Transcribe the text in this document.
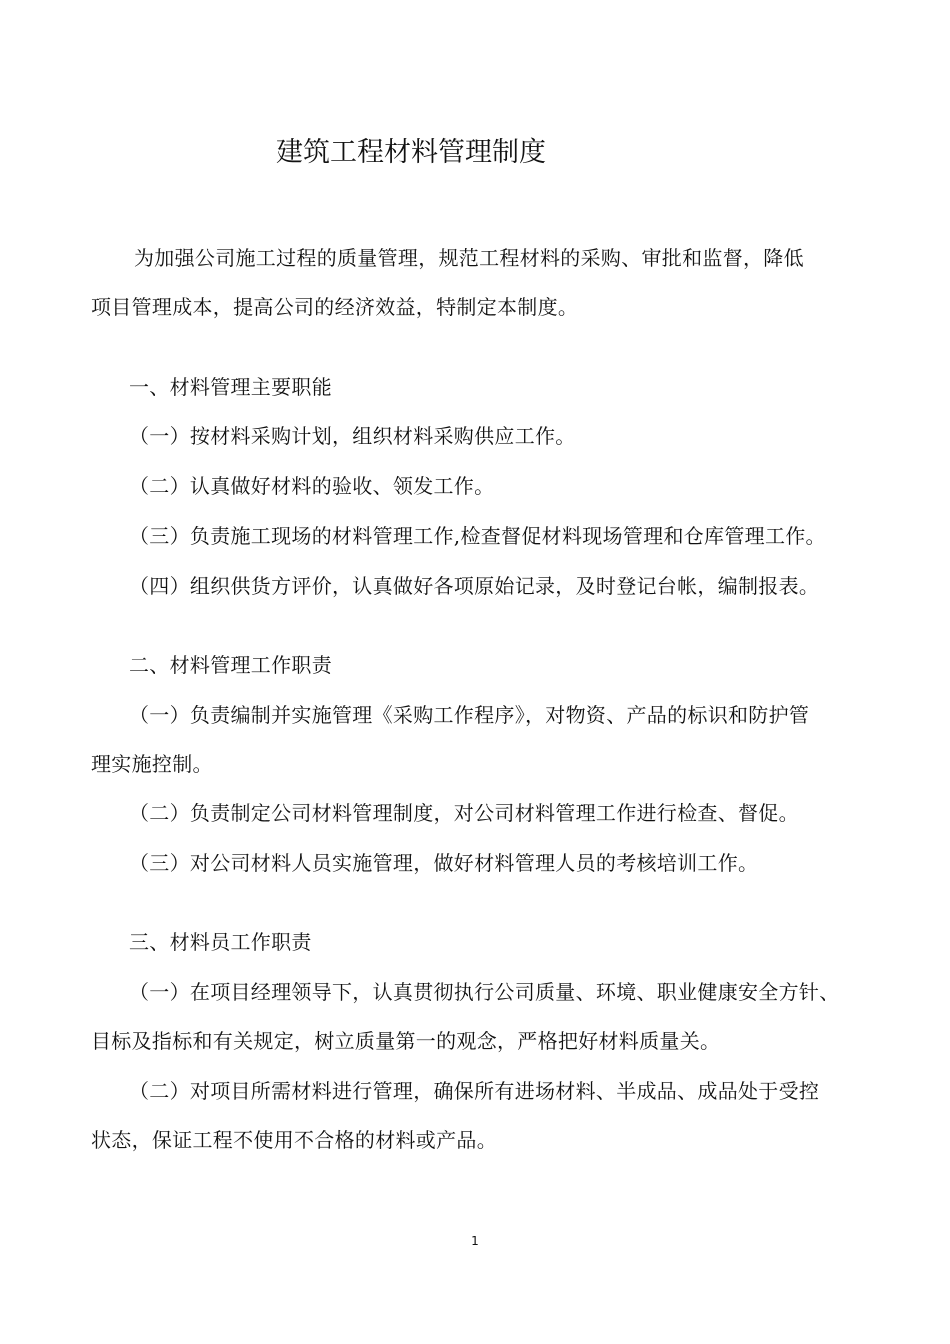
建筑工程材料管理制度
为加强公司施工过程的质量管理，规范工程材料的采购、审批和监督，降低
项目管理成本，提高公司的经济效益，特制定本制度。
一、材料管理主要职能
（一）按材料采购计划，组织材料采购供应工作。
（二）认真做好材料的验收、领发工作。
（三）负责施工现场的材料管理工作,检查督促材料现场管理和仓库管理工作。
（四）组织供货方评价，认真做好各项原始记录，及时登记台帐，编制报表。
二、材料管理工作职责
（一）负责编制并实施管理《采购工作程序》，对物资、产品的标识和防护管
理实施控制。
（二）负责制定公司材料管理制度，对公司材料管理工作进行检查、督促。
（三）对公司材料人员实施管理，做好材料管理人员的考核培训工作。
三、材料员工作职责
（一）在项目经理领导下，认真贯彻执行公司质量、环境、职业健康安全方针、
目标及指标和有关规定，树立质量第一的观念，严格把好材料质量关。
（二）对项目所需材料进行管理，确保所有进场材料、半成品、成品处于受控
状态，保证工程不使用不合格的材料或产品。
1
